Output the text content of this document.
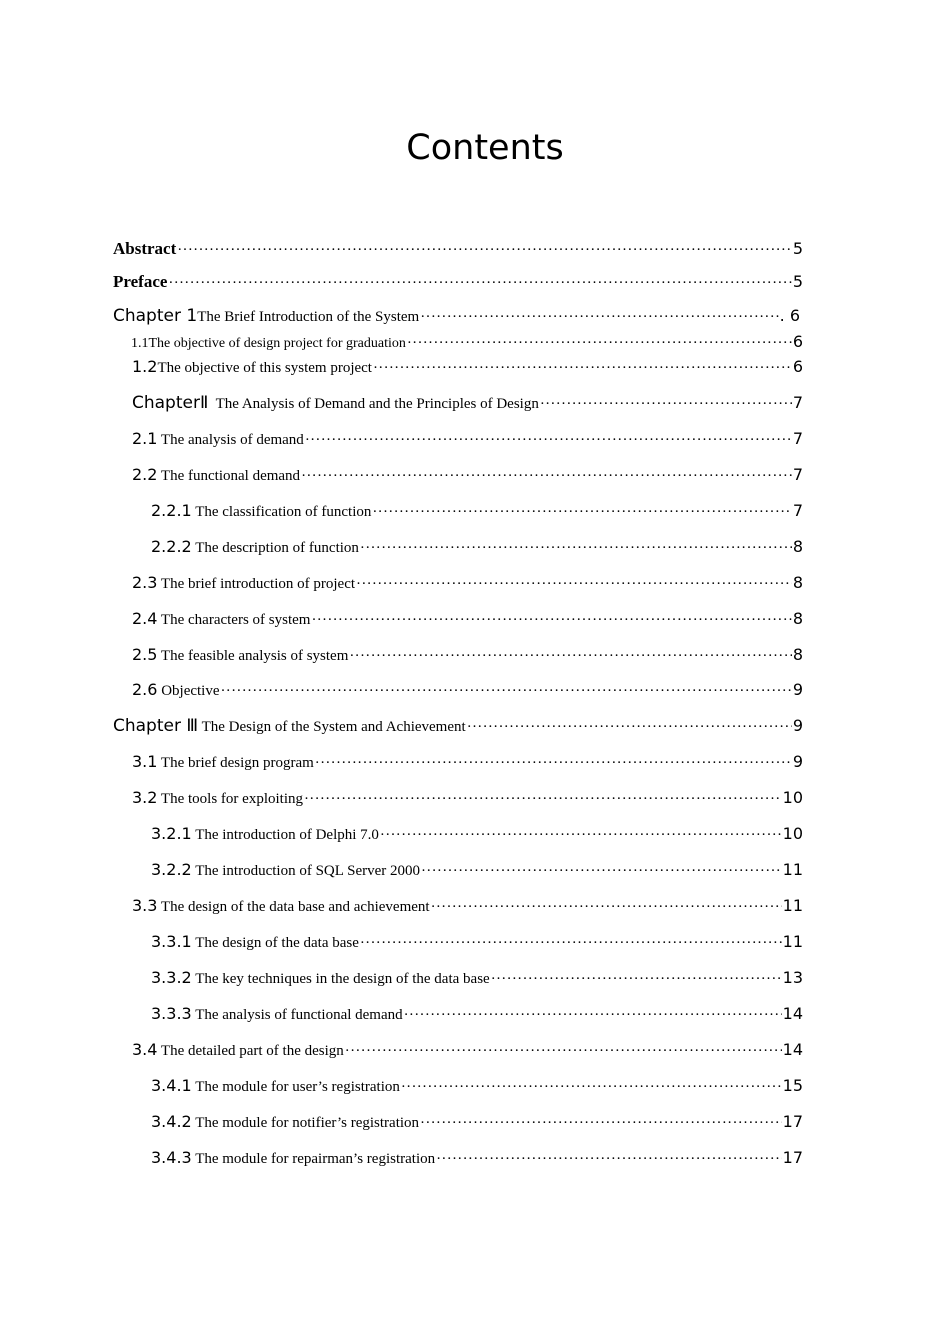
Contents
Abstract ·····	5
Preface ·····	5
Chapter 1 The Brief Introduction of the System ·····	. 6
1.1The objective of design project for graduation ·····	6
1.2 The objective of this system project ·····	6
ChapterⅡ The Analysis of Demand and the Principles of Design ·····	7
2.1 The analysis of demand ·····	7
2.2 The functional demand ·····	7
2.2.1 The classification of function ·····	7
2.2.2 The description of function ·····	8
2.3 The brief introduction of project ·····	8
2.4 The characters of system ·····	8
2.5 The feasible analysis of system ·····	8
2.6 Objective ·····	9
Chapter Ⅲ The Design of the System and Achievement ·····	9
3.1 The brief design program ·····	9
3.2 The tools for exploiting ·····	10
3.2.1 The introduction of Delphi 7.0 ·····	10
3.2.2 The introduction of SQL Server 2000 ·····	11
3.3 The design of the data base and achievement ·····	11
3.3.1 The design of the data base ·····	11
3.3.2 The key techniques in the design of the data base ·····	13
3.3.3 The analysis of functional demand ·····	14
3.4 The detailed part of the design ·····	14
3.4.1 The module for user’s registration ·····	15
3.4.2 The module for notifier’s registration ·····	17
3.4.3 The module for repairman’s registration ·····	17
